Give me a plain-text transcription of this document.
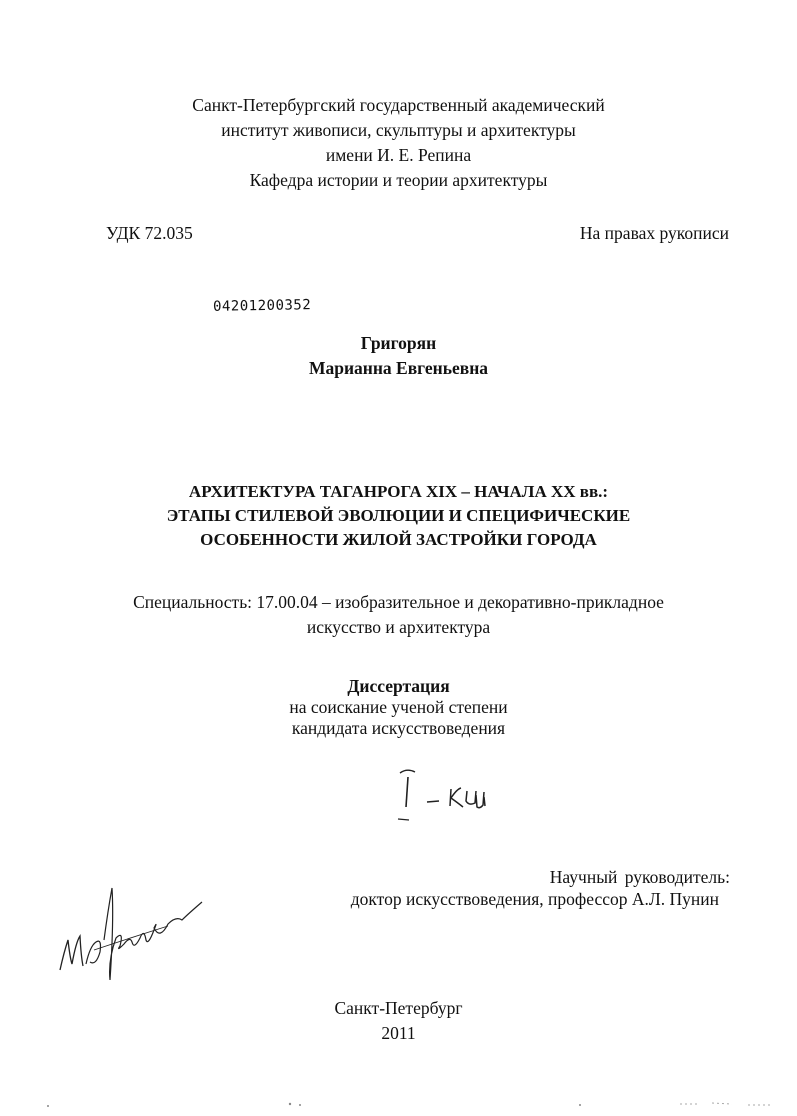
Санкт-Петербургский государственный академический
институт живописи, скульптуры и архитектуры
имени И. Е. Репина
Кафедра истории и теории архитектуры
УДК 72.035	На правах рукописи
04201200352
Григорян
Марианна Евгеньевна
АРХИТЕКТУРА ТАГАНРОГА XIX – НАЧАЛА XX вв.:
ЭТАПЫ СТИЛЕВОЙ ЭВОЛЮЦИИ И СПЕЦИФИЧЕСКИЕ
ОСОБЕННОСТИ ЖИЛОЙ ЗАСТРОЙКИ ГОРОДА
Специальность: 17.00.04 – изобразительное и декоративно-прикладное
искусство и архитектура
Диссертация
на соискание ученой степени
кандидата искусствоведения
Научный руководитель:
доктор искусствоведения, профессор А.Л. Пунин
Санкт-Петербург
2011
